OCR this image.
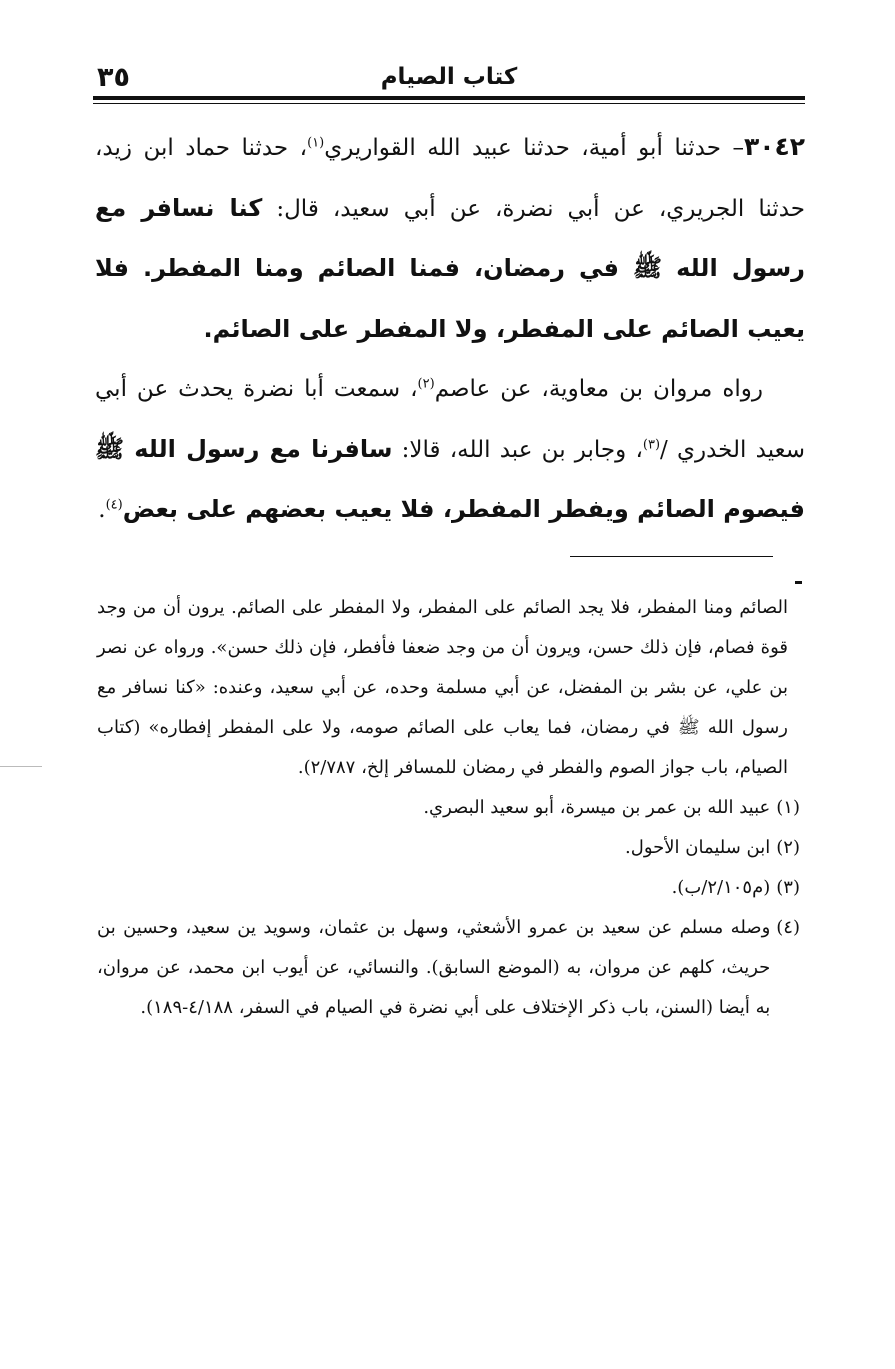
كتاب الصيام
٣٥

٣٠٤٢– حدثنا أبو أمية، حدثنا عبيد الله القواريري$^{(١)}$، حدثنا حماد ابن زيد، حدثنا الجريري، عن أبي نضرة، عن أبي سعيد، قال: كنا نسافر مع رسول الله ﷺ في رمضان، فمنا الصائم ومنا المفطر. فلا يعيب الصائم على المفطر، ولا المفطر على الصائم.

رواه مروان بن معاوية، عن عاصم$^{(٢)}$، سمعت أبا نضرة يحدث عن أبي سعيد الخدري /$^{(٣)}$، وجابر بن عبد الله، قالا: سافرنا مع رسول الله ﷺ فيصوم الصائم ويفطر المفطر، فلا يعيب بعضهم على بعض$^{(٤)}$.

الصائم ومنا المفطر، فلا يجد الصائم على المفطر، ولا المفطر على الصائم. يرون أن من وجد قوة فصام، فإن ذلك حسن، ويرون أن من وجد ضعفا فأفطر، فإن ذلك حسن». ورواه عن نصر بن علي، عن بشر بن المفضل، عن أبي مسلمة وحده، عن أبي سعيد، وعنده: «كنا نسافر مع رسول الله ﷺ في رمضان، فما يعاب على الصائم صومه، ولا على المفطر إفطاره» (كتاب الصيام، باب جواز الصوم والفطر في رمضان للمسافر إلخ، ٢/٧٨٧).

(١)
عبيد الله بن عمر بن ميسرة، أبو سعيد البصري.
(٢)
ابن سليمان الأحول.
(٣)
(م٢/١٠٥/ب).
(٤)
وصله مسلم عن سعيد بن عمرو الأشعثي، وسهل بن عثمان، وسويد ين سعيد، وحسين بن حريث، كلهم عن مروان، به (الموضع السابق). والنسائي، عن أيوب ابن محمد، عن مروان، به أيضا (السنن، باب ذكر الإختلاف على أبي نضرة في الصيام في السفر، ٤/١٨٨-١٨٩).
